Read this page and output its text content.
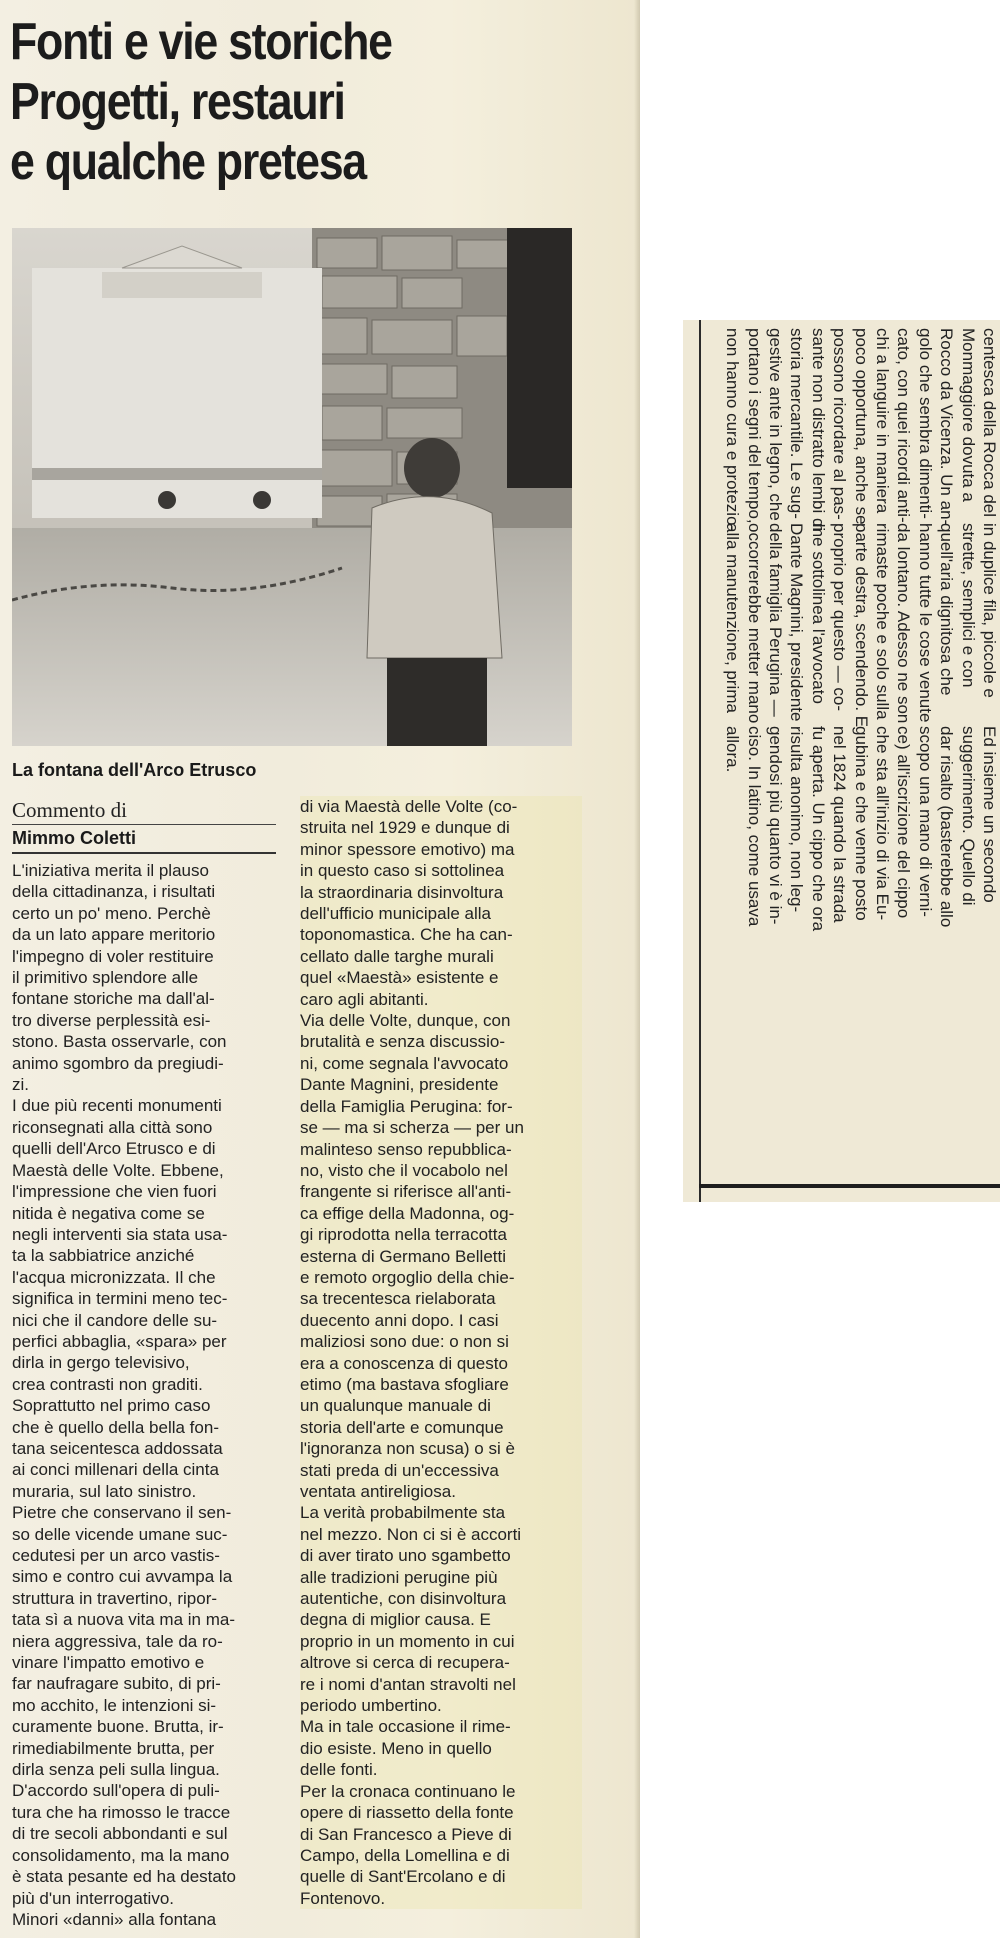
Fonti e vie storiche
Progetti, restauri
e qualche pretesa
La fontana dell'Arco Etrusco
Commento di
Mimmo Coletti

L'iniziativa merita il plauso
della cittadinanza, i risultati
certo un po' meno. Perchè
da un lato appare meritorio
l'impegno di voler restituire
il primitivo splendore alle
fontane storiche ma dall'al-
tro diverse perplessità esi-
stono. Basta osservarle, con
animo sgombro da pregiudi-
zi.
I due più recenti monumenti
riconsegnati alla città sono
quelli dell'Arco Etrusco e di
Maestà delle Volte. Ebbene,
l'impressione che vien fuori
nitida è negativa come se
negli interventi sia stata usa-
ta la sabbiatrice anziché
l'acqua micronizzata. Il che
significa in termini meno tec-
nici che il candore delle su-
perfici abbaglia, «spara» per
dirla in gergo televisivo,
crea contrasti non graditi.
Soprattutto nel primo caso
che è quello della bella fon-
tana seicentesca addossata
ai conci millenari della cinta
muraria, sul lato sinistro.
Pietre che conservano il sen-
so delle vicende umane suc-
cedutesi per un arco vastis-
simo e contro cui avvampa la
struttura in travertino, ripor-
tata sì a nuova vita ma in ma-
niera aggressiva, tale da ro-
vinare l'impatto emotivo e
far naufragare subito, di pri-
mo acchito, le intenzioni si-
curamente buone. Brutta, ir-
rimediabilmente brutta, per
dirla senza peli sulla lingua.
D'accordo sull'opera di puli-
tura che ha rimosso le tracce
di tre secoli abbondanti e sul
consolidamento, ma la mano
è stata pesante ed ha destato
più d'un interrogativo.
Minori «danni» alla fontana

di via Maestà delle Volte (co-
struita nel 1929 e dunque di
minor spessore emotivo) ma
in questo caso si sottolinea
la straordinaria disinvoltura
dell'ufficio municipale alla
toponomastica. Che ha can-
cellato dalle targhe murali
quel «Maestà» esistente e
caro agli abitanti.
Via delle Volte, dunque, con
brutalità e senza discussio-
ni, come segnala l'avvocato
Dante Magnini, presidente
della Famiglia Perugina: for-
se — ma si scherza — per un
malinteso senso repubblica-
no, visto che il vocabolo nel
frangente si riferisce all'anti-
ca effige della Madonna, og-
gi riprodotta nella terracotta
esterna di Germano Belletti
e remoto orgoglio della chie-
sa trecentesca rielaborata
duecento anni dopo. I casi
maliziosi sono due: o non si
era a conoscenza di questo
etimo (ma bastava sfogliare
un qualunque manuale di
storia dell'arte e comunque
l'ignoranza non scusa) o si è
stati preda di un'eccessiva
ventata antireligiosa.
La verità probabilmente sta
nel mezzo. Non ci si è accorti
di aver tirato uno sgambetto
alle tradizioni perugine più
autentiche, con disinvoltura
degna di miglior causa. E
proprio in un momento in cui
altrove si cerca di recupera-
re i nomi d'antan stravolti nel
periodo umbertino.
Ma in tale occasione il rime-
dio esiste. Meno in quello
delle fonti.
Per la cronaca continuano le
opere di riassetto della fonte
di San Francesco a Pieve di
Campo, della Lomellina e di
quelle di Sant'Ercolano e di
Fontenovo.

centesca della Rocca del
Monmaggiore dovuta a
Rocco da Vicenza. Un an-
golo che sembra dimenti-
cato, con quei ricordi anti-
chi a languire in maniera
poco opportuna, anche se
possono ricordare al pas-
sante non distratto lembi di
storia mercantile. Le sug-
gestive ante in legno, che
portano i segni del tempo,
non hanno cura e protezio-	in duplice fila, piccole e
strette, semplici e con
quell'aria dignitosa che
hanno tutte le cose venute
da lontano. Adesso ne son
rimaste poche e solo sulla
parte destra, scendendo. E
proprio per questo — co-
me sottolinea l'avvocato
Dante Magnini, presidente
della famiglia Perugina —
occorrerebbe metter mano
alla manutenzione, prima

Ed insieme un secondo
suggerimento. Quello di
dar risalto (basterebbe allo
scopo una mano di verni-
ce) all'iscrizione del cippo
che sta all'inizio di via Eu-
gubina e che venne posto
nel 1824 quando la strada
fu aperta. Un cippo che ora
risulta anonimo, non leg-
gendosi più quanto vi è in-
ciso. In latino, come usava
allora.
